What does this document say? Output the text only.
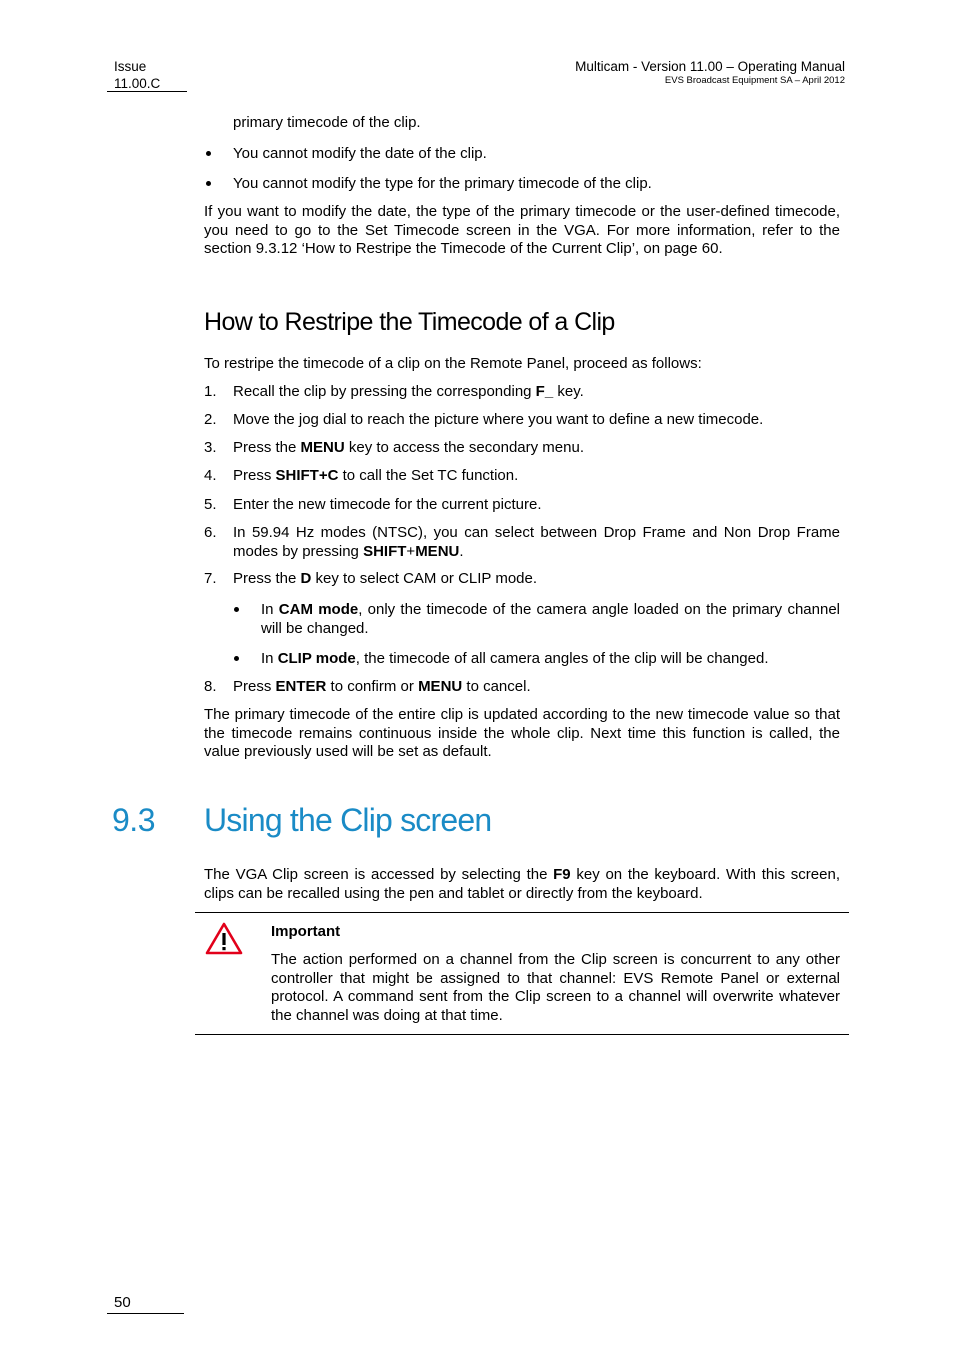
Issue
11.00.C
Multicam - Version 11.00 – Operating Manual
EVS Broadcast Equipment SA – April 2012
primary timecode of the clip.
You cannot modify the date of the clip.
You cannot modify the type for the primary timecode of the clip.
If you want to modify the date, the type of the primary timecode or the user-defined timecode, you need to go to the Set Timecode screen in the VGA. For more information, refer to the section 9.3.12 ‘How to Restripe the Timecode of the Current Clip’, on page 60.
How to Restripe the Timecode of a Clip
To restripe the timecode of a clip on the Remote Panel, proceed as follows:
1.	Recall the clip by pressing the corresponding F_ key.
2.	Move the jog dial to reach the picture where you want to define a new timecode.
3.	Press the MENU key to access the secondary menu.
4.	Press SHIFT+C to call the Set TC function.
5.	Enter the new timecode for the current picture.
6.	In 59.94 Hz modes (NTSC), you can select between Drop Frame and Non Drop Frame modes by pressing SHIFT+MENU.
7.	Press the D key to select CAM or CLIP mode.
In CAM mode, only the timecode of the camera angle loaded on the primary channel will be changed.
In CLIP mode, the timecode of all camera angles of the clip will be changed.
8.	Press ENTER to confirm or MENU to cancel.
The primary timecode of the entire clip is updated according to the new timecode value so that the timecode remains continuous inside the whole clip. Next time this function is called, the value previously used will be set as default.
9.3 Using the Clip screen
The VGA Clip screen is accessed by selecting the F9 key on the keyboard. With this screen, clips can be recalled using the pen and tablet or directly from the keyboard.
Important
The action performed on a channel from the Clip screen is concurrent to any other controller that might be assigned to that channel: EVS Remote Panel or external protocol. A command sent from the Clip screen to a channel will overwrite whatever the channel was doing at that time.
50
